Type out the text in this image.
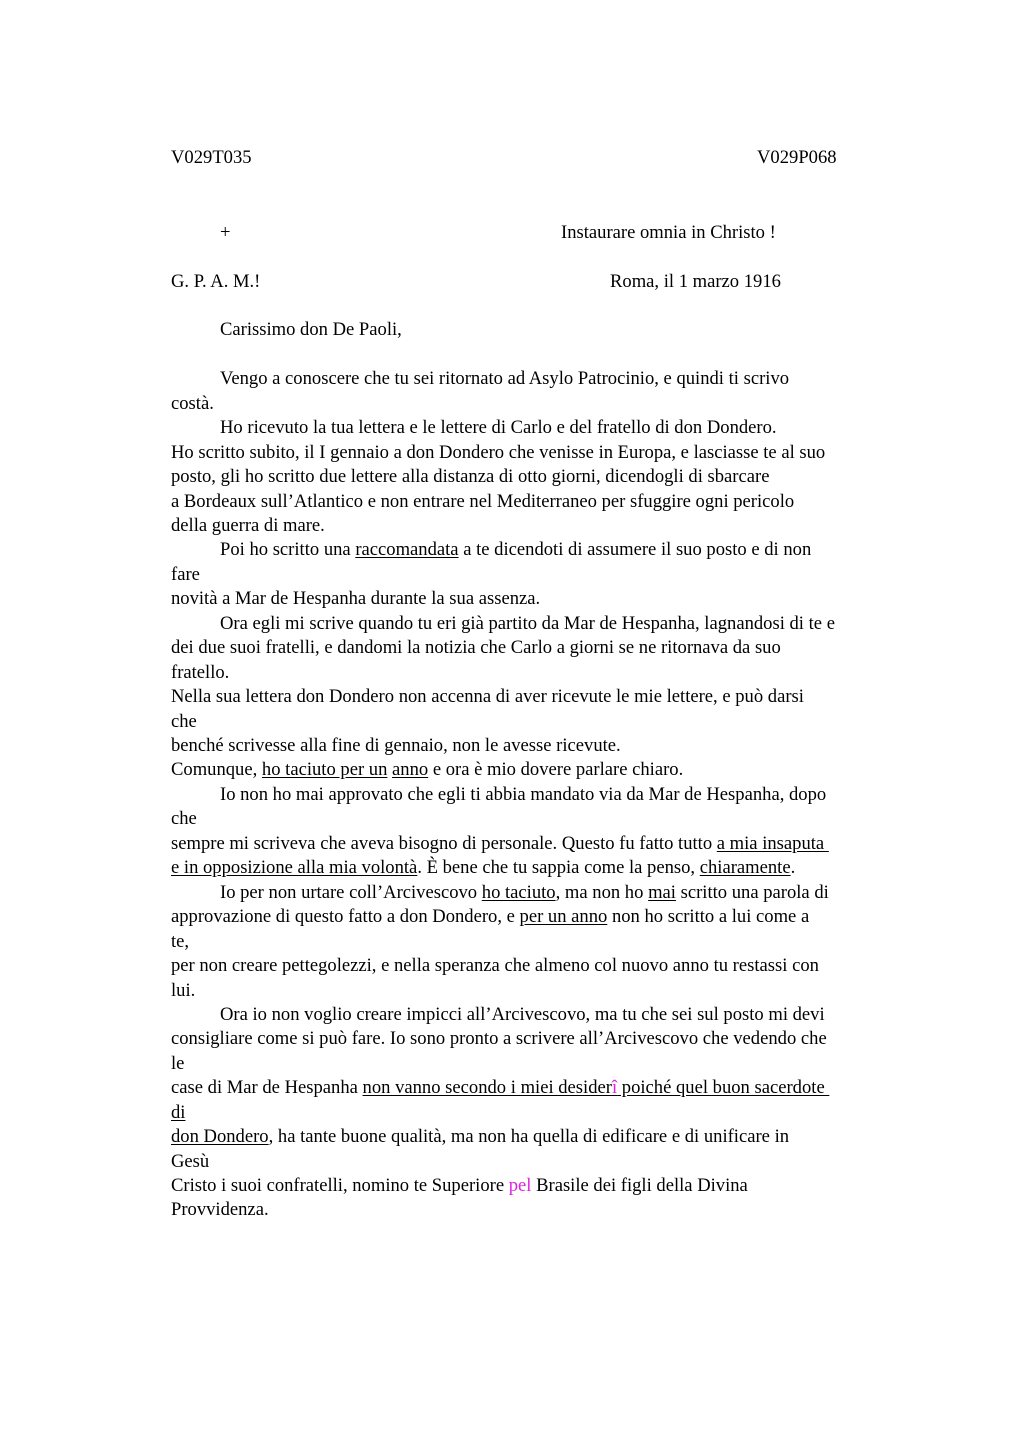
V029T035	V029P068
+	Instaurare omnia in Christo !
G. P. A. M.!	Roma, il 1 marzo 1916
Carissimo don De Paoli,
Vengo a conoscere che tu sei ritornato ad Asylo Patrocinio, e quindi ti scrivo
costà.
Ho ricevuto la tua lettera e le lettere di Carlo e del fratello di don Dondero.
Ho scritto subito, il I gennaio a don Dondero che venisse in Europa, e lasciasse te al suo
posto, gli ho scritto due lettere alla distanza di otto giorni, dicendogli di sbarcare
a Bordeaux sull’Atlantico e non entrare nel Mediterraneo per sfuggire ogni pericolo
della guerra di mare.
Poi ho scritto una raccomandata a te dicendoti di assumere il suo posto e di non
fare
novità a Mar de Hespanha durante la sua assenza.
Ora egli mi scrive quando tu eri già partito da Mar de Hespanha, lagnandosi di te e
dei due suoi fratelli, e dandomi la notizia che Carlo a giorni se ne ritornava da suo
fratello.
Nella sua lettera don Dondero non accenna di aver ricevute le mie lettere, e può darsi
che
benché scrivesse alla fine di gennaio, non le avesse ricevute.
Comunque, ho taciuto per un anno e ora è mio dovere parlare chiaro.
Io non ho mai approvato che egli ti abbia mandato via da Mar de Hespanha, dopo
che
sempre mi scriveva che aveva bisogno di personale. Questo fu fatto tutto a mia insaputa
e in opposizione alla mia volontà. È bene che tu sappia come la penso, chiaramente.
Io per non urtare coll’Arcivescovo ho taciuto, ma non ho mai scritto una parola di
approvazione di questo fatto a don Dondero, e per un anno non ho scritto a lui come a
te,
per non creare pettegolezzi, e nella speranza che almeno col nuovo anno tu restassi con
lui.
Ora io non voglio creare impicci all’Arcivescovo, ma tu che sei sul posto mi devi
consigliare come si può fare. Io sono pronto a scrivere all’Arcivescovo che vedendo che
le
case di Mar de Hespanha non vanno secondo i miei desiderî poiché quel buon sacerdote
di
don Dondero, ha tante buone qualità, ma non ha quella di edificare e di unificare in
Gesù
Cristo i suoi confratelli, nomino te Superiore pel Brasile dei figli della Divina
Provvidenza.
